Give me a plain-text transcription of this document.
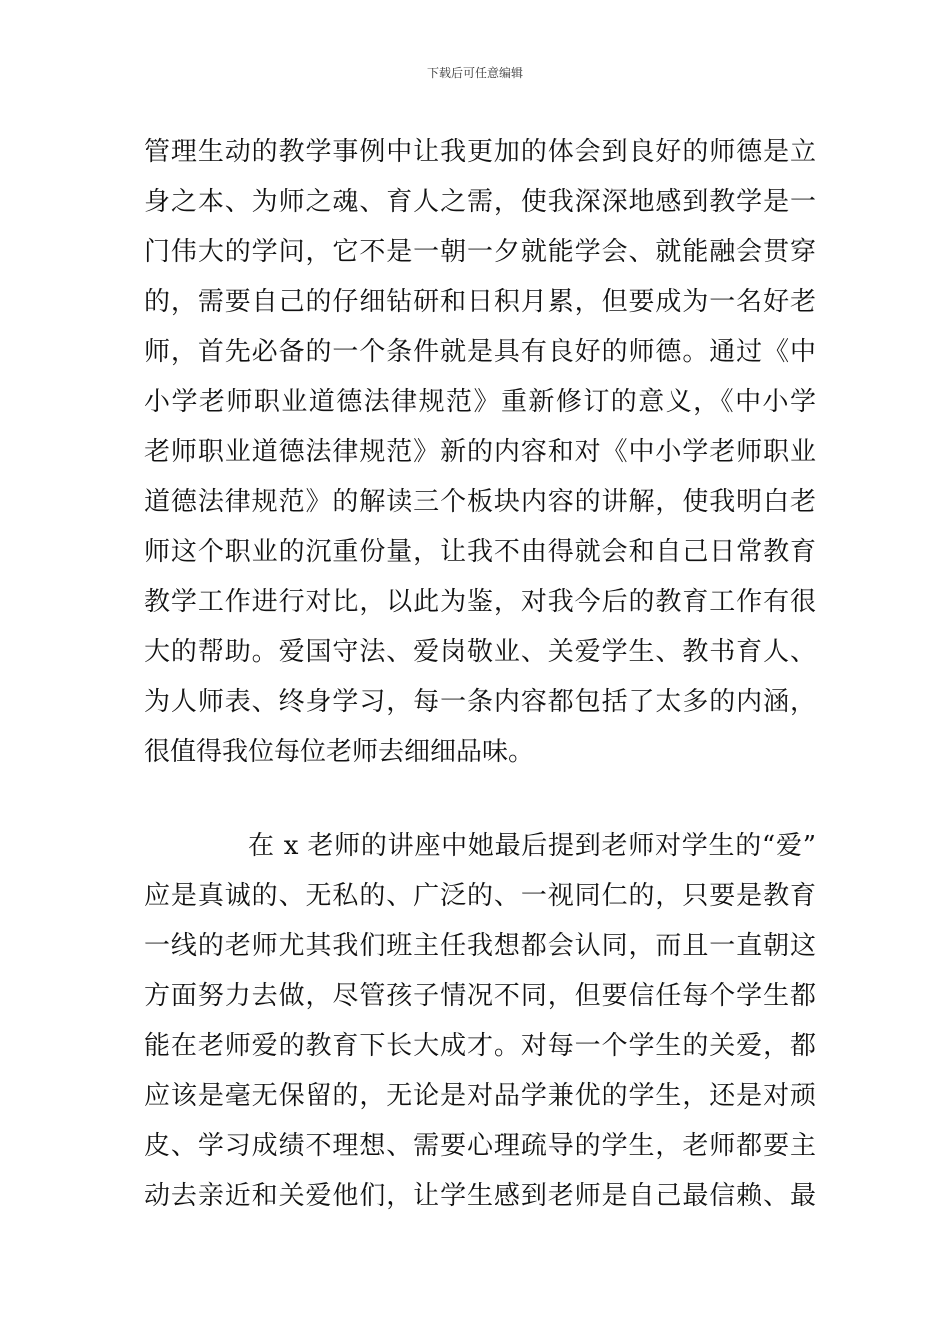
下载后可任意编辑
管理生动的教学事例中让我更加的体会到良好的师德是立
身之本、为师之魂、育人之需，使我深深地感到教学是一
门伟大的学问，它不是一朝一夕就能学会、就能融会贯穿
的，需要自己的仔细钻研和日积月累，但要成为一名好老
师，首先必备的一个条件就是具有良好的师德。通过《中
小学老师职业道德法律规范》重新修订的意义，《中小学
老师职业道德法律规范》新的内容和对《中小学老师职业
道德法律规范》的解读三个板块内容的讲解，使我明白老
师这个职业的沉重份量，让我不由得就会和自己日常教育
教学工作进行对比，以此为鉴，对我今后的教育工作有很
大的帮助。爱国守法、爱岗敬业、关爱学生、教书育人、
为人师表、终身学习，每一条内容都包括了太多的内涵，
很值得我位每位老师去细细品味。
在 x 老师的讲座中她最后提到老师对学生的“爱”
应是真诚的、无私的、广泛的、一视同仁的，只要是教育
一线的老师尤其我们班主任我想都会认同，而且一直朝这
方面努力去做，尽管孩子情况不同，但要信任每个学生都
能在老师爱的教育下长大成才。对每一个学生的关爱，都
应该是毫无保留的，无论是对品学兼优的学生，还是对顽
皮、学习成绩不理想、需要心理疏导的学生，老师都要主
动去亲近和关爱他们，让学生感到老师是自己最信赖、最
